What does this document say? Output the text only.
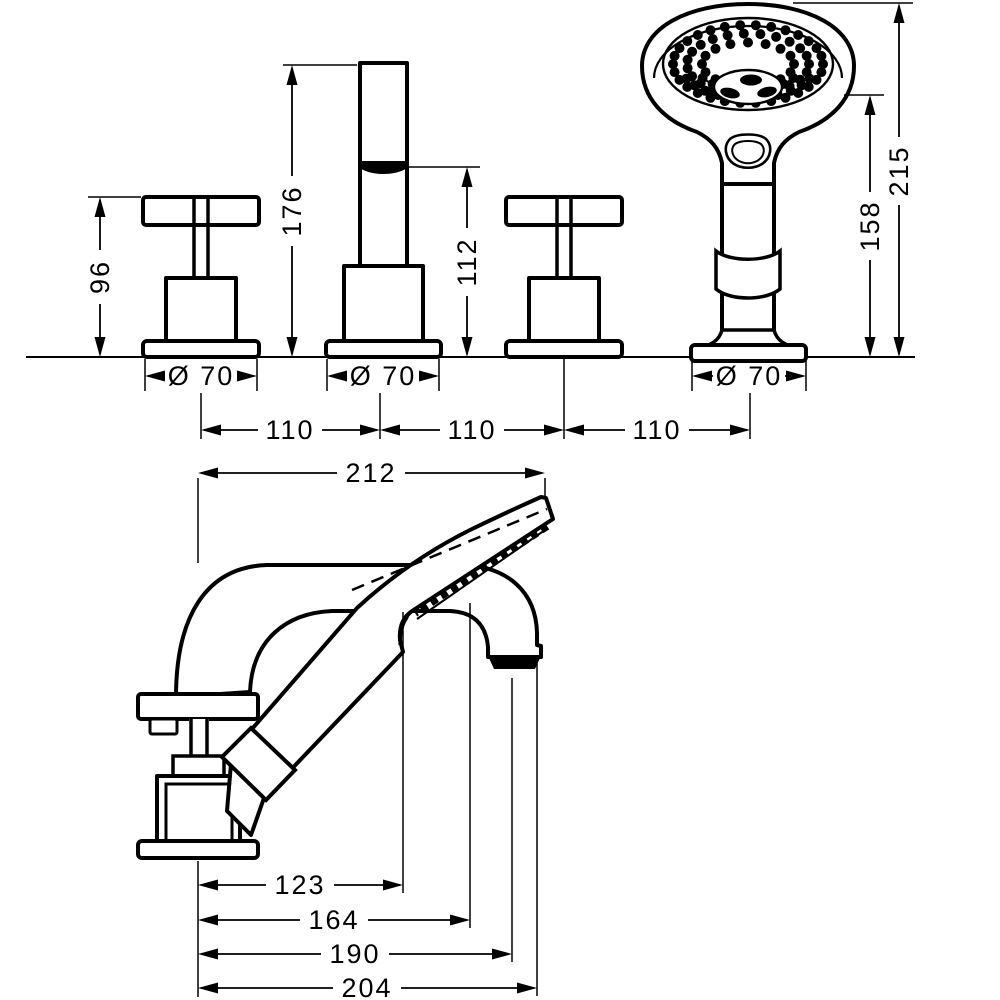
96
176
112
158
215
Ø 70	Ø 70	Ø 70
110	110	110
212
123
164
190
204
